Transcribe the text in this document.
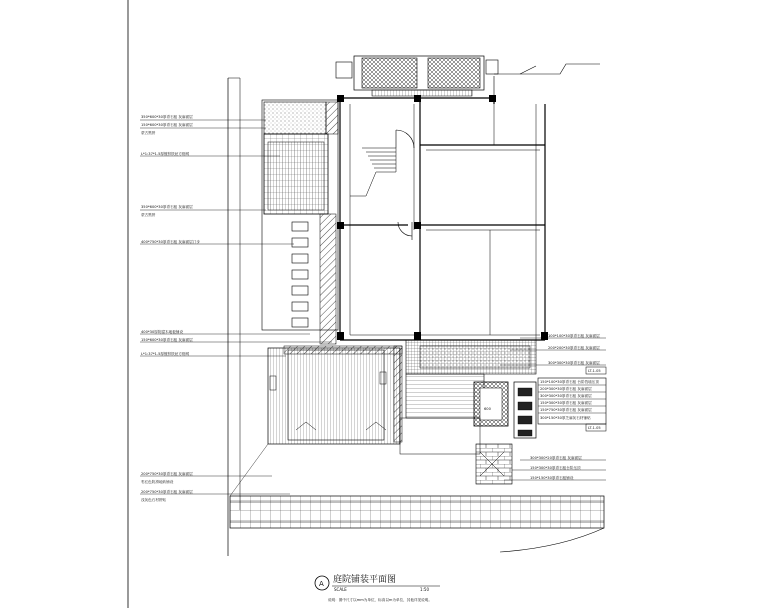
350*600*30厚青石板 灰麻面层
150*600*30厚青石板 灰麻面层
蒙古黑拼
L*1:37*1.5厚镀锌铁丝方格网
350*600*30厚青石板 灰麻面层
蒙古黑拼
400*750*30厚青石板 灰麻面层汀步
400*30厚防腐木地板铺设
150*600*30厚青石板 灰麻面层
L*1:37*1.5厚镀锌铁丝方格网
200*750*30厚青石板 灰麻面层
枣红色防滑地砖铺设
200*750*30厚青石板 灰麻面层
浅灰色石材拼贴
100*100*30厚青石板 灰麻面层
200*200*30厚青石板 灰麻面层
300*300*30厚青石板 灰麻面层
LT-1.05
150*100*30厚青石板 台阶挡墙压顶
200*300*30厚青石板 灰麻面层
300*300*30厚青石板 灰麻面层
150*300*30厚青石板 灰麻面层
150*750*30厚青石板 灰麻面层
300*150*30厚芝麻灰石材铺贴
LT-1.05
600
300*300*20厚青石板 灰麻面层
150*300*30厚青石板台阶压顶
150*150*30厚青石板铺设
A 庭院铺装平面图
SCALE	1:50
说明：图中尺寸以mm为单位，标高以m为单位，其他详见说明。
